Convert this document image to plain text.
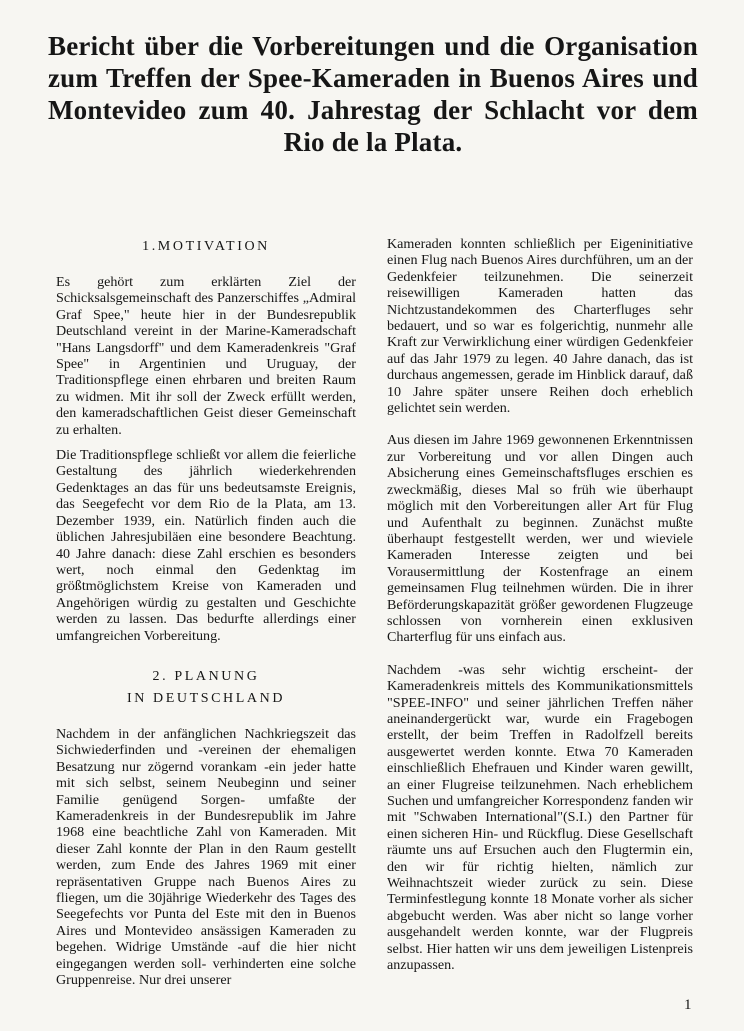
Bericht über die Vorbereitungen und die Organisation zum Treffen der Spee-Kameraden in Buenos Aires und Montevideo zum 40. Jahrestag der Schlacht vor dem Rio de la Plata.
1.MOTIVATION

Es gehört zum erklärten Ziel der Schicksalsgemeinschaft des Panzerschiffes „Admiral Graf Spee," heute hier in der Bundesrepublik Deutschland vereint in der Marine-Kameradschaft "Hans Langsdorff" und dem Kameradenkreis "Graf Spee" in Argentinien und Uruguay, der Traditionspflege einen ehrbaren und breiten Raum zu widmen. Mit ihr soll der Zweck erfüllt werden, den kameradschaftlichen Geist dieser Gemeinschaft zu erhalten.

Die Traditionspflege schließt vor allem die feierliche Gestaltung des jährlich wiederkehrenden Gedenktages an das für uns bedeutsamste Ereignis, das Seegefecht vor dem Rio de la Plata, am 13. Dezember 1939, ein. Natürlich finden auch die üblichen Jahresjubiläen eine besondere Beachtung. 40 Jahre danach: diese Zahl erschien es besonders wert, noch einmal den Gedenktag im größtmöglichstem Kreise von Kameraden und Angehörigen würdig zu gestalten und Geschichte werden zu lassen. Das bedurfte allerdings einer umfangreichen Vorbereitung.

2. PLANUNG
IN DEUTSCHLAND

Nachdem in der anfänglichen Nachkriegszeit das Sichwiederfinden und -vereinen der ehemaligen Besatzung nur zögernd vorankam -ein jeder hatte mit sich selbst, seinem Neubeginn und seiner Familie genügend Sorgen- umfaßte der Kameradenkreis in der Bundesrepublik im Jahre 1968 eine beachtliche Zahl von Kameraden. Mit dieser Zahl konnte der Plan in den Raum gestellt werden, zum Ende des Jahres 1969 mit einer repräsentativen Gruppe nach Buenos Aires zu fliegen, um die 30jährige Wiederkehr des Tages des Seegefechts vor Punta del Este mit den in Buenos Aires und Montevideo ansässigen Kameraden zu begehen. Widrige Umstände -auf die hier nicht eingegangen werden soll- verhinderten eine solche Gruppenreise. Nur drei unserer

Kameraden konnten schließlich per Eigeninitiative einen Flug nach Buenos Aires durchführen, um an der Gedenkfeier teilzunehmen. Die seinerzeit reisewilligen Kameraden hatten das Nichtzustandekommen des Charterfluges sehr bedauert, und so war es folgerichtig, nunmehr alle Kraft zur Verwirklichung einer würdigen Gedenkfeier auf das Jahr 1979 zu legen. 40 Jahre danach, das ist durchaus angemessen, gerade im Hinblick darauf, daß 10 Jahre später unsere Reihen doch erheblich gelichtet sein werden.

Aus diesen im Jahre 1969 gewonnenen Erkenntnissen zur Vorbereitung und vor allen Dingen auch Absicherung eines Gemeinschaftsfluges erschien es zweckmäßig, dieses Mal so früh wie überhaupt möglich mit den Vorbereitungen aller Art für Flug und Aufenthalt zu beginnen. Zunächst mußte überhaupt festgestellt werden, wer und wieviele Kameraden Interesse zeigten und bei Vorausermittlung der Kostenfrage an einem gemeinsamen Flug teilnehmen würden. Die in ihrer Beförderungskapazität größer gewordenen Flugzeuge schlossen von vornherein einen exklusiven Charterflug für uns einfach aus.

Nachdem -was sehr wichtig erscheint- der Kameradenkreis mittels des Kommunikationsmittels "SPEE-INFO" und seiner jährlichen Treffen näher aneinandergerückt war, wurde ein Fragebogen erstellt, der beim Treffen in Radolfzell bereits ausgewertet werden konnte. Etwa 70 Kameraden einschließlich Ehefrauen und Kinder waren gewillt, an einer Flugreise teilzunehmen. Nach erheblichem Suchen und umfangreicher Korrespondenz fanden wir mit "Schwaben International"(S.I.) den Partner für einen sicheren Hin- und Rückflug. Diese Gesellschaft räumte uns auf Ersuchen auch den Flugtermin ein, den wir für richtig hielten, nämlich zur Weihnachtszeit wieder zurück zu sein. Diese Terminfestlegung konnte 18 Monate vorher als sicher abgebucht werden. Was aber nicht so lange vorher ausgehandelt werden konnte, war der Flugpreis selbst. Hier hatten wir uns dem jeweiligen Listenpreis anzupassen.

1
